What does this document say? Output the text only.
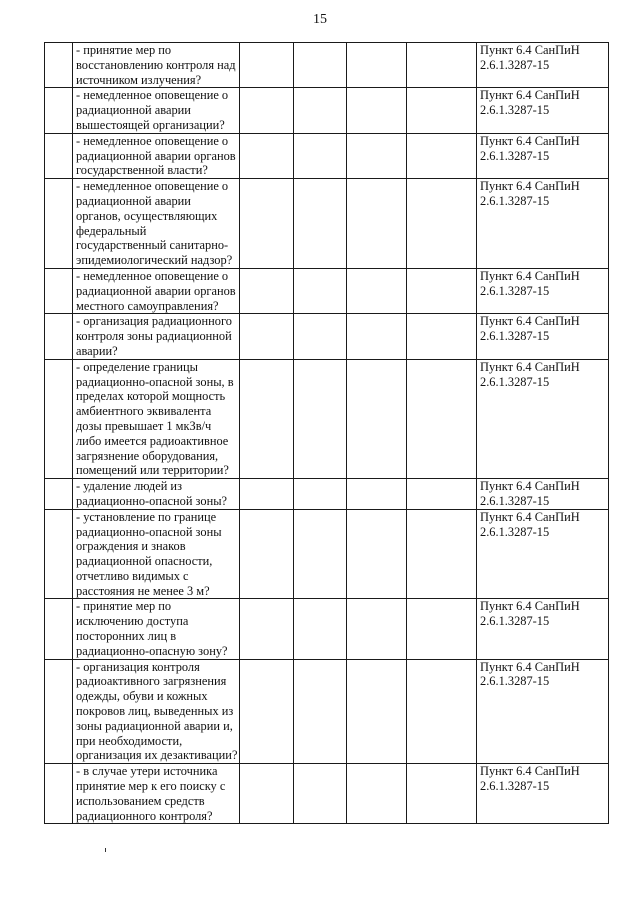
15
	- принятие мер по восстановлению контроля над источником излучения?					Пункт 6.4 СанПиН 2.6.1.3287-15
	- немедленное оповещение о радиационной аварии вышестоящей организации?					Пункт 6.4 СанПиН 2.6.1.3287-15
	- немедленное оповещение о радиационной аварии органов государственной власти?					Пункт 6.4 СанПиН 2.6.1.3287-15
	- немедленное оповещение о радиационной аварии органов, осуществляющих федеральный государственный санитарно-эпидемиологический надзор?					Пункт 6.4 СанПиН 2.6.1.3287-15
	- немедленное оповещение о радиационной аварии органов местного самоуправления?					Пункт 6.4 СанПиН 2.6.1.3287-15
	- организация радиационного контроля зоны радиационной аварии?					Пункт 6.4 СанПиН 2.6.1.3287-15
	- определение границы радиационно-опасной зоны, в пределах которой мощность амбиентного эквивалента дозы превышает 1 мкЗв/ч либо имеется радиоактивное загрязнение оборудования, помещений или территории?					Пункт 6.4 СанПиН 2.6.1.3287-15
	- удаление людей из радиационно-опасной зоны?					Пункт 6.4 СанПиН 2.6.1.3287-15
	- установление по границе радиационно-опасной зоны ограждения и знаков радиационной опасности, отчетливо видимых с расстояния не менее 3 м?					Пункт 6.4 СанПиН 2.6.1.3287-15
	- принятие мер по исключению доступа посторонних лиц в радиационно-опасную зону?					Пункт 6.4 СанПиН 2.6.1.3287-15
	- организация контроля радиоактивного загрязнения одежды, обуви и кожных покровов лиц, выведенных из зоны радиационной аварии и, при необходимости, организация их дезактивации?					Пункт 6.4 СанПиН 2.6.1.3287-15
	- в случае утери источника принятие мер к его поиску с использованием средств радиационного контроля?					Пункт 6.4 СанПиН 2.6.1.3287-15
